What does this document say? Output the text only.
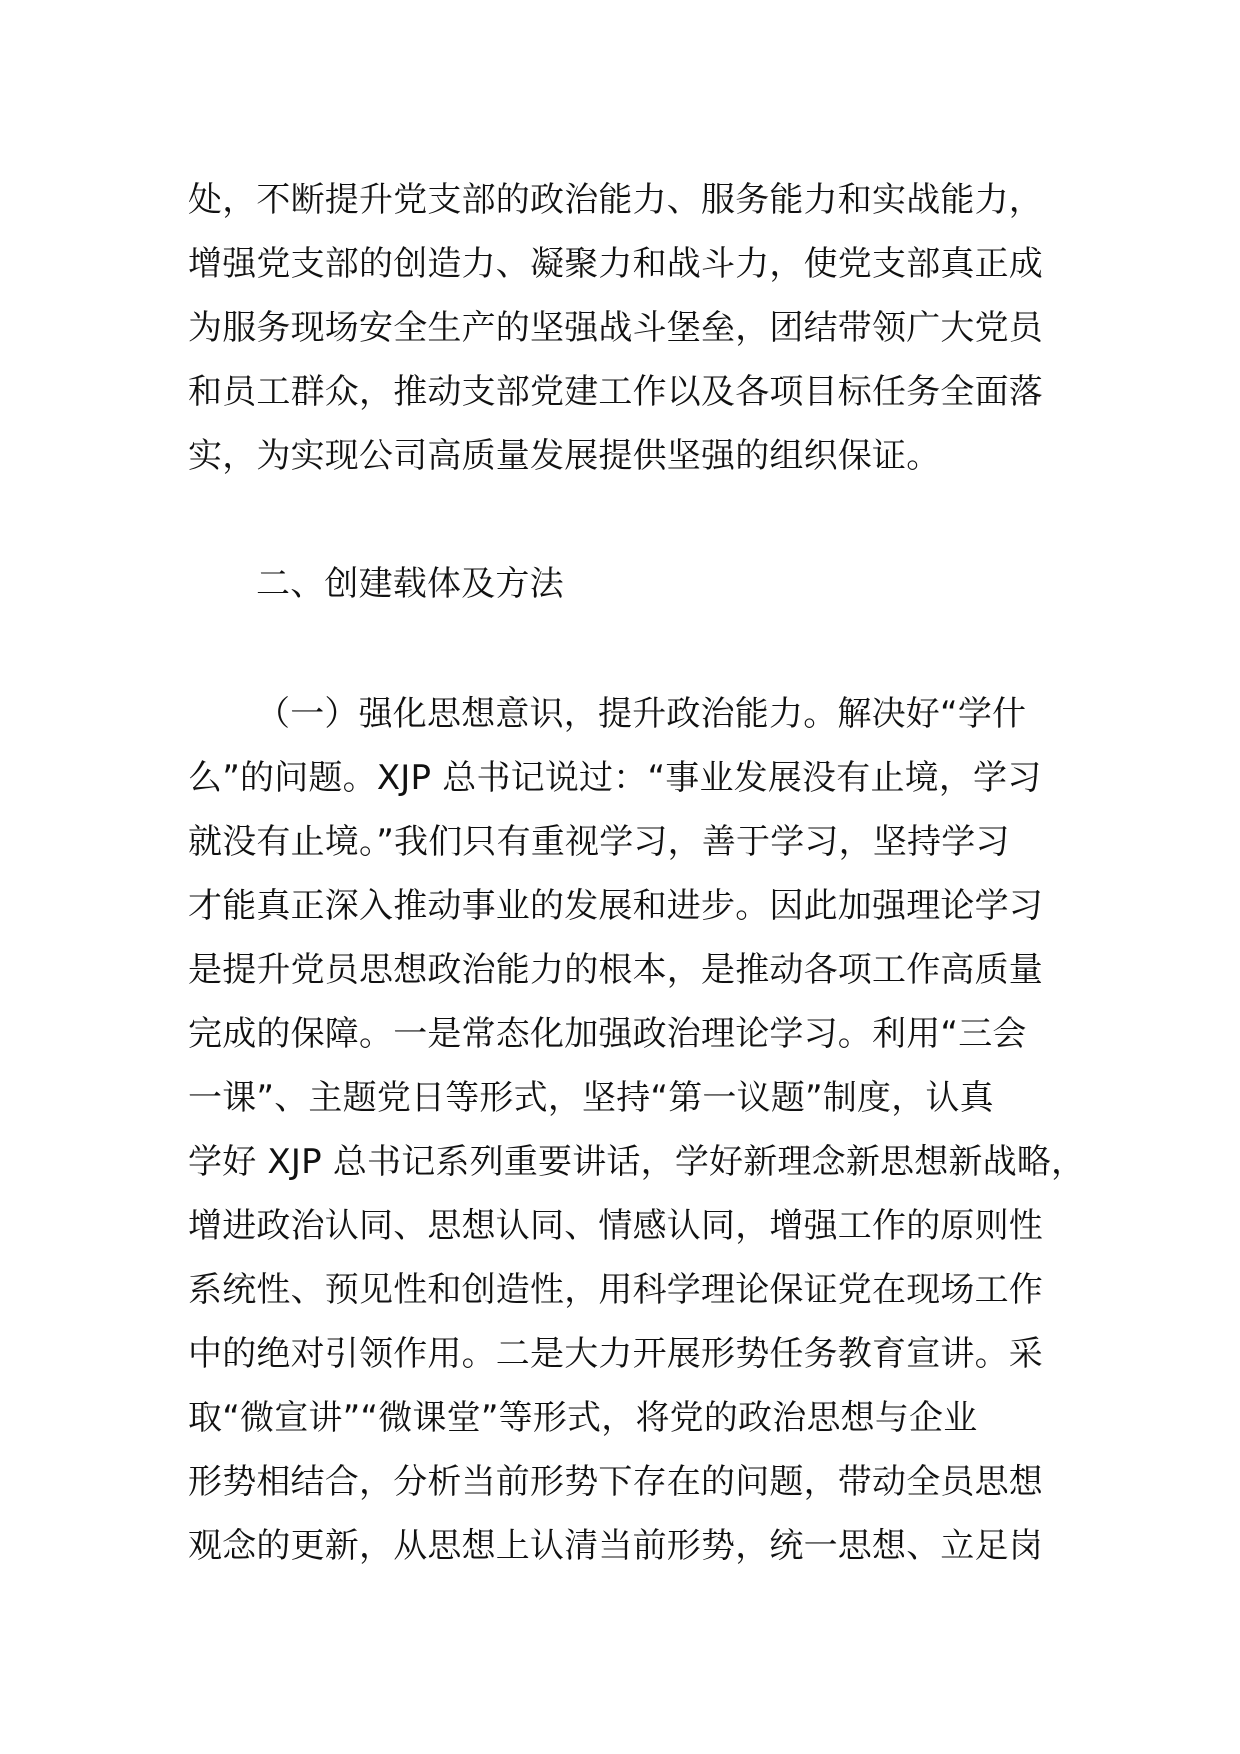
处，不断提升党支部的政治能力、服务能力和实战能力，
增强党支部的创造力、凝聚力和战斗力，使党支部真正成
为服务现场安全生产的坚强战斗堡垒，团结带领广大党员
和员工群众，推动支部党建工作以及各项目标任务全面落
实，为实现公司高质量发展提供坚强的组织保证。
二、创建载体及方法
（一）强化思想意识，提升政治能力。解决好“学什
么”的问题。XJP 总书记说过：“事业发展没有止境，学习
就没有止境。”我们只有重视学习，善于学习，坚持学习
才能真正深入推动事业的发展和进步。因此加强理论学习
是提升党员思想政治能力的根本，是推动各项工作高质量
完成的保障。一是常态化加强政治理论学习。利用“三会
一课”、主题党日等形式，坚持“第一议题”制度，认真
学好 XJP 总书记系列重要讲话，学好新理念新思想新战略，
增进政治认同、思想认同、情感认同，增强工作的原则性
系统性、预见性和创造性，用科学理论保证党在现场工作
中的绝对引领作用。二是大力开展形势任务教育宣讲。采
取“微宣讲”“微课堂”等形式，将党的政治思想与企业
形势相结合，分析当前形势下存在的问题，带动全员思想
观念的更新，从思想上认清当前形势，统一思想、立足岗
